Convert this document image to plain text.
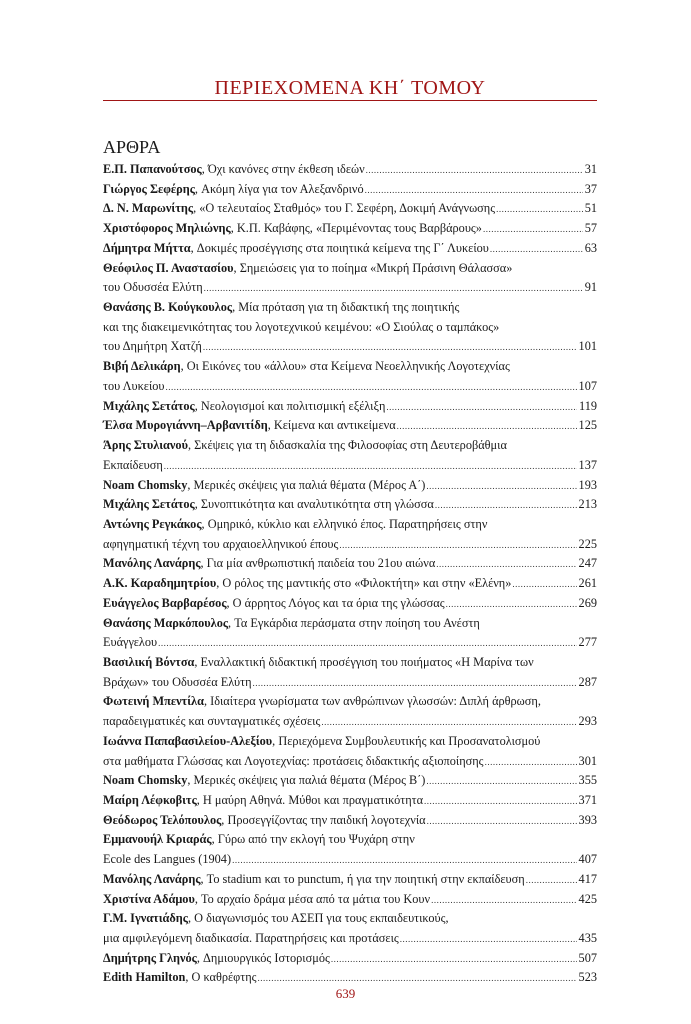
ΠΕΡΙΕΧΟΜΕΝΑ ΚΗ΄ ΤΟΜΟΥ
ΑΡΘΡΑ
Ε.Π. Παπανούτσος , Όχι κανόνες στην έκθεση ιδεών .....	31
Γιώργος Σεφέρης , Ακόμη λίγα για τον Αλεξανδρινό .....	37
Δ. Ν. Μαρωνίτης , «Ο τελευταίος Σταθμός» του Γ. Σεφέρη, Δοκιμή Ανάγνωσης .....	51
Χριστόφορος Μηλιώνης , Κ.Π. Καβάφης, «Περιμένοντας τους Βαρβάρους» .....	57
Δήμητρα Μήττα , Δοκιμές προσέγγισης στα ποιητικά κείμενα της Γ΄ Λυκείου .....	63
Θεόφιλος Π. Αναστασίου , Σημειώσεις για το ποίημα «Μικρή Πράσινη Θάλασσα»
του Οδυσσέα Ελύτη .....	91
Θανάσης Β. Κούγκουλος , Μία πρόταση για τη διδακτική της ποιητικής
και της διακειμενικότητας του λογοτεχνικού κειμένου: «Ο Σιούλας ο ταμπάκος»
του Δημήτρη Χατζή .....	101
Βιβή Δελικάρη , Οι Εικόνες του «άλλου» στα Κείμενα Νεοελληνικής Λογοτεχνίας
του Λυκείου .....	107
Μιχάλης Σετάτος , Νεολογισμοί και πολιτισμική εξέλιξη .....	119
Έλσα Μυρογιάννη–Αρβανιτίδη , Κείμενα και αντικείμενα .....	125
Άρης Στυλιανού , Σκέψεις για τη διδασκαλία της Φιλοσοφίας στη Δευτεροβάθμια
Εκπαίδευση .....	137
Noam Chomsky , Μερικές σκέψεις για παλιά θέματα (Μέρος Α΄) .....	193
Μιχάλης Σετάτος , Συνοπτικότητα και αναλυτικότητα στη γλώσσα .....	213
Αντώνης Ρεγκάκος , Ομηρικό, κύκλιο και ελληνικό έπος. Παρατηρήσεις στην
αφηγηματική τέχνη του αρχαιοελληνικού έπους .....	225
Μανόλης Λανάρης , Για μία ανθρωπιστική παιδεία του 21ου αιώνα .....	247
Α.Κ. Καραδημητρίου , Ο ρόλος της μαντικής στο «Φιλοκτήτη» και στην «Ελένη» .....	261
Ευάγγελος Βαρβαρέσος , Ο άρρητος Λόγος και τα όρια της γλώσσας .....	269
Θανάσης Μαρκόπουλος , Τα Εγκάρδια περάσματα στην ποίηση του Ανέστη
Ευάγγελου .....	277
Βασιλική Βόντσα , Εναλλακτική διδακτική προσέγγιση του ποιήματος «Η Μαρίνα των
Βράχων» του Οδυσσέα Ελύτη .....	287
Φωτεινή Μπεντίλα , Ιδιαίτερα γνωρίσματα των ανθρώπινων γλωσσών: Διπλή άρθρωση,
παραδειγματικές και συνταγματικές σχέσεις .....	293
Ιωάννα Παπαβασιλείου-Αλεξίου , Περιεχόμενα Συμβουλευτικής και Προσανατολισμού
στα μαθήματα Γλώσσας και Λογοτεχνίας: προτάσεις διδακτικής αξιοποίησης .....	301
Noam Chomsky , Μερικές σκέψεις για παλιά θέματα (Μέρος Β΄) .....	355
Μαίρη Λέφκοβιτς , Η μαύρη Αθηνά. Μύθοι και πραγματικότητα .....	371
Θεόδωρος Τελόπουλος , Προσεγγίζοντας την παιδική λογοτεχνία .....	393
Εμμανουήλ Κριαράς , Γύρω από την εκλογή του Ψυχάρη στην
Ecole des Langues (1904) .....	407
Μανόλης Λανάρης , Το stadium και το punctum, ή για την ποιητική στην εκπαίδευση .....	417
Χριστίνα Αδάμου , Το αρχαίο δράμα μέσα από τα μάτια του Κουν .....	425
Γ.Μ. Ιγνατιάδης , Ο διαγωνισμός του ΑΣΕΠ για τους εκπαιδευτικούς,
μια αμφιλεγόμενη διαδικασία. Παρατηρήσεις και προτάσεις .....	435
Δημήτρης Γληνός , Δημιουργικός Ιστορισμός .....	507
Edith Hamilton , Ο καθρέφτης .....	523
639
